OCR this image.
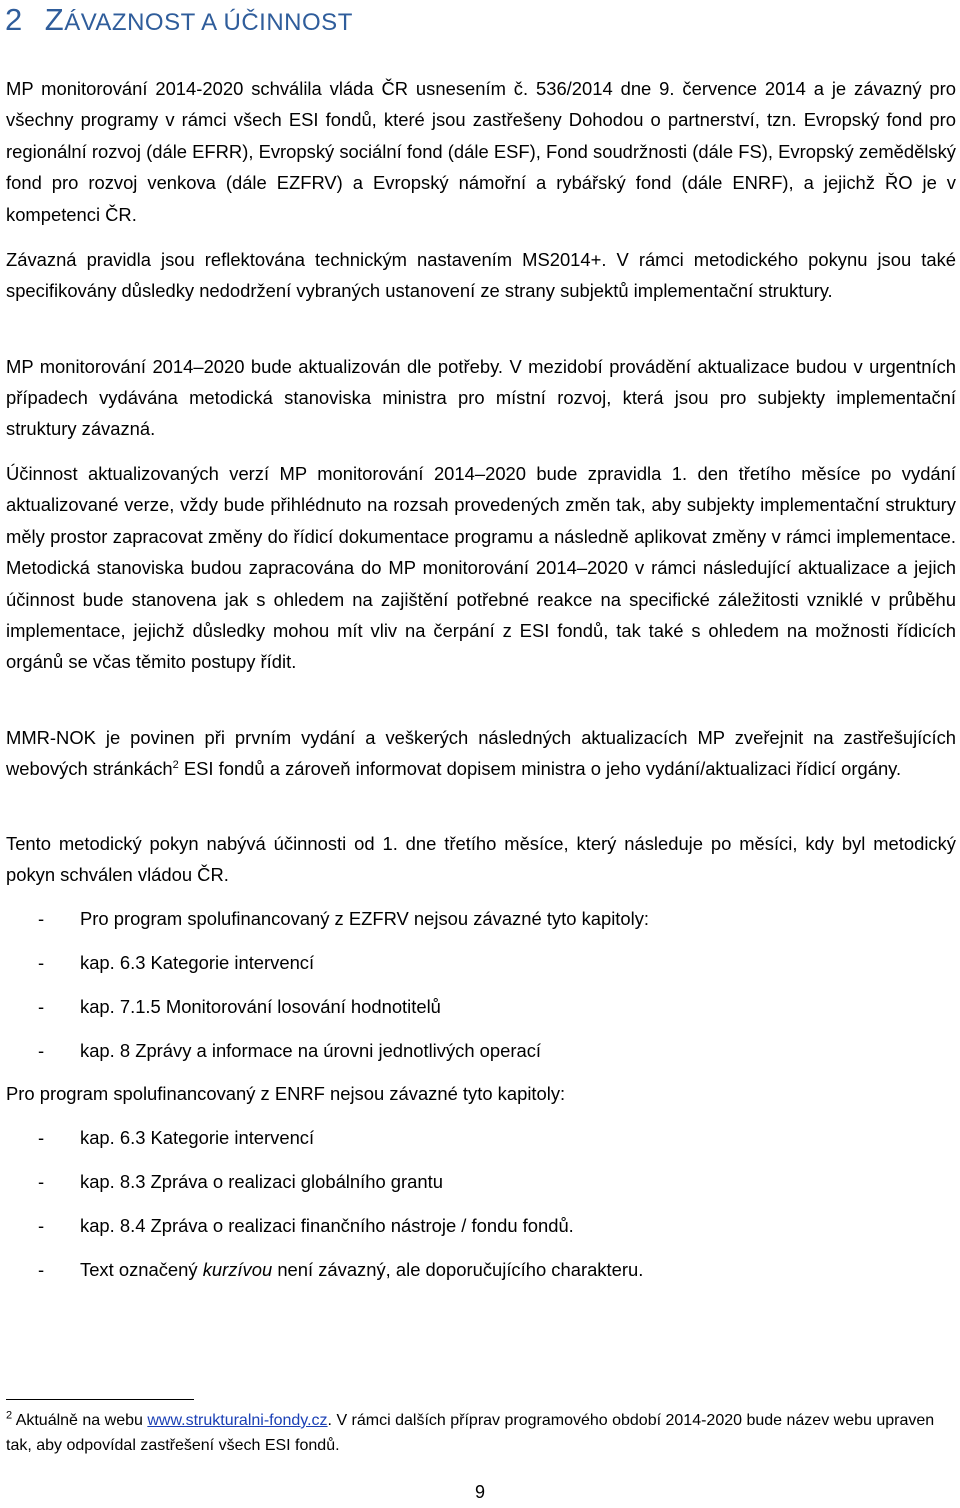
2 ZÁVAZNOST A ÚČINNOST

MP monitorování 2014-2020 schválila vláda ČR usnesením č. 536/2014 dne 9. července 2014 a je závazný pro všechny programy v rámci všech ESI fondů, které jsou zastřešeny Dohodou o partnerství, tzn. Evropský fond pro regionální rozvoj (dále EFRR), Evropský sociální fond (dále ESF), Fond soudržnosti (dále FS), Evropský zemědělský fond pro rozvoj venkova (dále EZFRV) a Evropský námořní a rybářský fond (dále ENRF), a jejichž ŘO je v kompetenci ČR.

Závazná pravidla jsou reflektována technickým nastavením MS2014+. V rámci metodického pokynu jsou také specifikovány důsledky nedodržení vybraných ustanovení ze strany subjektů implementační struktury.

MP monitorování 2014–2020 bude aktualizován dle potřeby. V mezidobí provádění aktualizace budou v urgentních případech vydávána metodická stanoviska ministra pro místní rozvoj, která jsou pro subjekty implementační struktury závazná.

Účinnost aktualizovaných verzí MP monitorování 2014–2020 bude zpravidla 1. den třetího měsíce po vydání aktualizované verze, vždy bude přihlédnuto na rozsah provedených změn tak, aby subjekty implementační struktury měly prostor zapracovat změny do řídicí dokumentace programu a následně aplikovat změny v rámci implementace. Metodická stanoviska budou zapracována do MP monitorování 2014–2020 v rámci následující aktualizace a jejich účinnost bude stanovena jak s ohledem na zajištění potřebné reakce na specifické záležitosti vzniklé v průběhu implementace, jejichž důsledky mohou mít vliv na čerpání z ESI fondů, tak také s ohledem na možnosti řídicích orgánů se včas těmito postupy řídit.

MMR-NOK je povinen při prvním vydání a veškerých následných aktualizacích MP zveřejnit na zastřešujících webových stránkách$^2$ ESI fondů a zároveň informovat dopisem ministra o jeho vydání/aktualizaci řídicí orgány.

Tento metodický pokyn nabývá účinnosti od 1. dne třetího měsíce, který následuje po měsíci, kdy byl metodický pokyn schválen vládou ČR.

- Pro program spolufinancovaný z EZFRV nejsou závazné tyto kapitoly:
- kap. 6.3 Kategorie intervencí
- kap. 7.1.5 Monitorování losování hodnotitelů
- kap. 8 Zprávy a informace na úrovni jednotlivých operací
Pro program spolufinancovaný z ENRF nejsou závazné tyto kapitoly:
- kap. 6.3 Kategorie intervencí
- kap. 8.3 Zpráva o realizaci globálního grantu
- kap. 8.4 Zpráva o realizaci finančního nástroje / fondu fondů.
- Text označený kurzívou není závazný, ale doporučujícího charakteru.

$^2$ Aktuálně na webu www.strukturalni-fondy.cz. V rámci dalších příprav programového období 2014-2020 bude název webu upraven tak, aby odpovídal zastřešení všech ESI fondů.

9
